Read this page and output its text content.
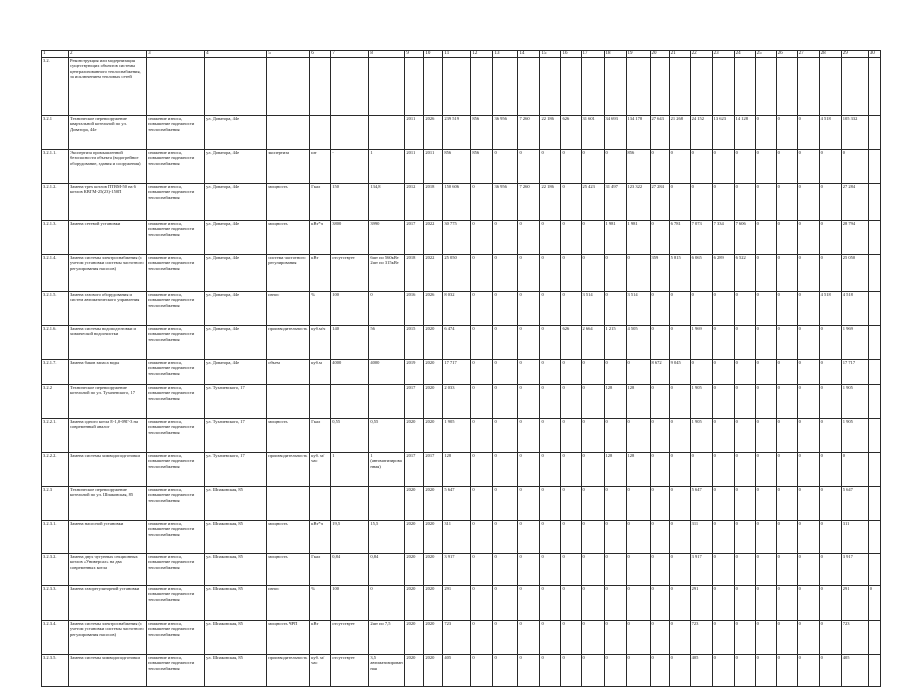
1	2	3	4	5	6	7	8	9	10	11	12	13	14	15	16	17	18	19	20	21	22	23	24	25	26	27	28	29	30
3.2.	Реконструкция или модернизация существующих объектов системы централизованного теплоснабжения, за исключением тепловых сетей																												
3.2.1	Техническое перевооружение квартальной котельной по ул. Доватора, 44е	снижение износа, повышение надежности теплоснабжения	ул. Доватора, 44е					2011	2026	239 519	856	36 956	7 260	22 186	626	31 601	34 693	134 178	27 643	21 268	24 152	13 623	14 128	0	0	0	4 518	105 332	
3.2.1.1.	Экспертиза промышленной безопасности объекта (водогрейное оборудование, здания и сооружения)	снижение износа, повышение надежности теплоснабжения	ул. Доватора, 44е	экспертиза	шт	-	1	2011	2011	856	856	0	0	0	0	0	0	856	0	0	0	0	0	0	0	0	0	0	
3.2.1.2.	Замена трех котлов ПТВМ-50 на 6 котлов КВГМ-25(23)-150П	снижение износа, повышение надежности теплоснабжения	ул. Доватора, 44е	мощность	Гкал	150	134,8	2012	2018	150 606	0	36 956	7 260	22 186	0	25 423	31 497	123 322	27 284	0	0	0	0	0	0	0	0	27 284	
3.2.1.3.	Замена сетевой установки	снижение износа, повышение надежности теплоснабжения	ул. Доватора, 44е	мощность	кВт*ч	3800	3990	2017	2022	30 775	0	0	0	0	0	0	1 981	1 981	0	6 781	7 073	7 334	7 606	0	0	0	0	28 794	
3.2.1.4.	Замена системы электроснабжения (с учетом установки системы частотного регулирования насосов)	снижение износа, повышение надежности теплоснабжения	ул. Доватора, 44е	система частотного регулирования	кВт	отсутствует	6шт по 560кВт 2шт по 315кВт	2018	2022	25 050	0	0	0	0	0	0	0	0	359	5 815	6 065	6 289	6 522	0	0	0	0	25 050	
3.2.1.5.	Замена газового оборудования и систем автоматического управления	снижение износа, повышение надежности теплоснабжения	ул. Доватора, 44е	износ	%	100	0	2016	2026	8 032	0	0	0	0	0	3 514	0	3 514	0	0	0	0	0	0	0	0	4 518	4 518	
3.2.1.6.	Замена системы водоподготовки и химической водоочистки	снижение износа, повышение надежности теплоснабжения	ул. Доватора, 44е	производительность	куб.м/ч	140	56	2015	2020	6 474	0	0	0	0	626	2 664	1 215	4 505	0	0	1 969	0	0	0	0	0	0	1 969	
3.2.1.7.	Замена баков запаса воды	снижение износа, повышение надежности теплоснабжения	ул. Доватора, 44е	объем	куб.м	4000	4000	2019	2020	17 717	0	0	0	0	0	0	0	0	8 672	9 045	0	0	0	0	0	0	0	17 717	
3.2.2	Техническое перевооружение котельной по ул. Тухачевского, 17	снижение износа, повышение надежности теплоснабжения	ул. Тухачевского, 17					2017	2020	2 033	0	0	0	0	0	0	128	128	0	0	1 905	0	0	0	0	0	0	1 905	
3.2.2.1.	Замена одного котла Е-1,0-09Г-3 на современный аналог	снижение износа, повышение надежности теплоснабжения	ул. Тухачевского, 17	мощность	Гкал	0,55	0,55	2020	2020	1 905	0	0	0	0	0	0	0	0	0	0	1 905	0	0	0	0	0	0	1 905	
3.2.2.2.	Замена системы химводоподготовки	снижение износа, повышение надежности теплоснабжения	ул. Тухачевского, 17	производительность	куб. м/час	1	1 (автоматизированная)	2017	2017	128	0	0	0	0	0	0	128	128	0	0	0	0	0	0	0	0	0	0	
3.2.3	Техническое перевооружение котельной по ул. Шпаковская, 85	снижение износа, повышение надежности теплоснабжения	ул. Шпаковская, 85					2020	2020	5 647	0	0	0	0	0	0	0	0	0	0	5 647	0	0	0	0	0	0	5 647	
3.2.3.1.	Замена насосной установки	снижение износа, повышение надежности теплоснабжения	ул. Шпаковская, 85	мощность	кВт*ч	19,5	15,5	2020	2020	311	0	0	0	0	0	0	0	0	0	0	311	0	0	0	0	0	0	311	
3.2.3.2.	Замена двух чугунных секционных котлов «Универсал» на два современных котла	снижение износа, повышение надежности теплоснабжения	ул. Шпаковская, 85	мощность	Гкал	0,84	0,84	2020	2020	3 917	0	0	0	0	0	0	0	0	0	0	3 917	0	0	0	0	0	0	3 917	
3.2.3.3.	Замена газорегуляторной установки	снижение износа, повышение надежности теплоснабжения	ул. Шпаковская, 85	износ	%	100	0	2020	2020	291	0	0	0	0	0	0	0	0	0	0	291	0	0	0	0	0	0	291	0
3.2.3.4.	Замена системы электроснабжения (с учетом установки системы частотного регулирования насосов)	снижение износа, повышение надежности теплоснабжения	ул. Шпаковская, 85	мощность ЧРП	кВт	отсутствует	2шт по 7,5	2020	2020	723	0	0	0	0	0	0	0	0	0	0	723	0	0	0	0	0	0	723	
3.2.3.5.	Замена системы химводоподготовки	снижение износа, повышение надежности теплоснабжения	ул. Шпаковская, 85	производительность	куб. м/час	отсутствует	3,5 автоматизированная	2020	2020	405	0	0	0	0	0	0	0	0	0	0	405	0	0	0	0	0	0	405	
